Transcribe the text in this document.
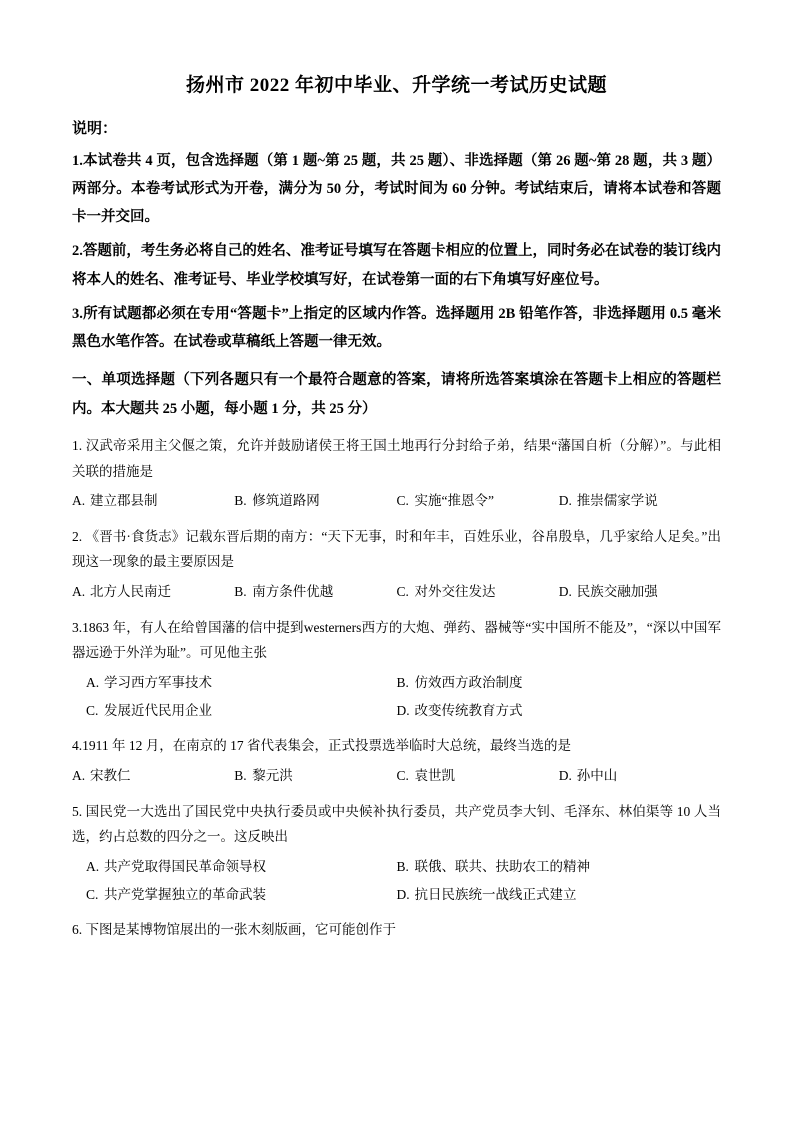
扬州市 2022 年初中毕业、升学统一考试历史试题
说明：

1.本试卷共 4 页，包含选择题（第 1 题~第 25 题，共 25 题）、非选择题（第 26 题~第 28 题，共 3 题）两部分。本卷考试形式为开卷，满分为 50 分，考试时间为 60 分钟。考试结束后，请将本试卷和答题卡一并交回。

2.答题前，考生务必将自己的姓名、准考证号填写在答题卡相应的位置上，同时务必在试卷的装订线内将本人的姓名、准考证号、毕业学校填写好，在试卷第一面的右下角填写好座位号。

3.所有试题都必须在专用“答题卡”上指定的区域内作答。选择题用 2B 铅笔作答，非选择题用 0.5 毫米黑色水笔作答。在试卷或草稿纸上答题一律无效。

一、单项选择题（下列各题只有一个最符合题意的答案，请将所选答案填涂在答题卡上相应的答题栏内。本大题共 25 小题，每小题 1 分，共 25 分）

1. 汉武帝采用主父偃之策，允许并鼓励诸侯王将王国土地再行分封给子弟，结果“藩国自析（分解）”。与此相关联的措施是

A. 建立郡县制	B. 修筑道路网	C. 实施“推恩令”	D. 推崇儒家学说

2. 《晋书·食货志》记载东晋后期的南方：“天下无事，时和年丰，百姓乐业，谷帛殷阜，几乎家给人足矣。”出现这一现象的最主要原因是

A. 北方人民南迁	B. 南方条件优越	C. 对外交往发达	D. 民族交融加强

3.1863 年，有人在给曾国藩的信中提到westerners西方的大炮、弹药、器械等“实中国所不能及”，“深以中国军器远逊于外洋为耻”。可见他主张

A. 学习西方军事技术	B. 仿效西方政治制度
C. 发展近代民用企业	D. 改变传统教育方式

4.1911 年 12 月，在南京的 17 省代表集会，正式投票选举临时大总统，最终当选的是

A. 宋教仁	B. 黎元洪	C. 袁世凯	D. 孙中山

5. 国民党一大选出了国民党中央执行委员或中央候补执行委员，共产党员李大钊、毛泽东、林伯渠等 10 人当选，约占总数的四分之一。这反映出

A. 共产党取得国民革命领导权	B. 联俄、联共、扶助农工的精神
C. 共产党掌握独立的革命武装	D. 抗日民族统一战线正式建立

6. 下图是某博物馆展出的一张木刻版画，它可能创作于
